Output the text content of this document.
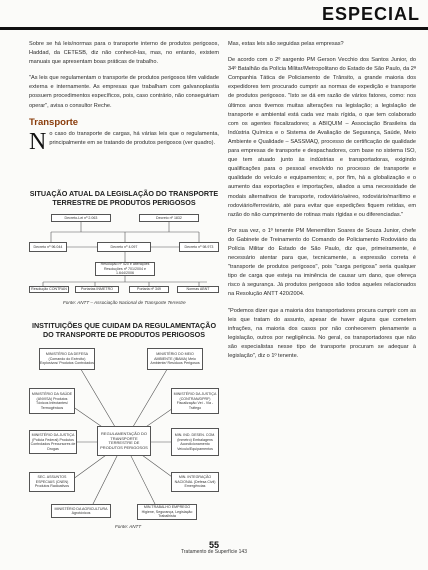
ESPECIAL

Sobre se há leis/normas para o transporte interno de produtos perigosos, Haddad, da CETESB, diz não conhecê-las, mas, no entanto, existem manuais que apresentam boas práticas de trabalho.

"As leis que regulamentam o transporte de produtos perigosos têm validade externa e internamente. As empresas que trabalham com galvanoplastia possuem procedimentos específicos, pois, caso contrário, não conseguiriam operar", avisa o consultor Reche.

Transporte
N o caso do transporte de cargas, há várias leis que o regulamenta, principalmente em se tratando de produtos perigosos (ver quadro).
SITUAÇÃO ATUAL DA LEGISLAÇÃO DO TRANSPORTE TERRESTRE DE PRODUTOS PERIGOSOS
Decreto-Lei nº 2.063	Decreto nº 1832
Decreto nº 96.044	Decreto nº 4.097	Decreto nº 98.973
Resolução nº 420 e alterações Resoluções nº 701/2004 e 1.644/2006
Resolução CONTRAN	Portarias INMETRO	Portaria nº 349	Normas ABNT
Fonte: ANTT – Associação Nacional de Transporte Terrestre
INSTITUIÇÕES QUE CUIDAM DA REGULAMENTAÇÃO DO TRANSPORTE DE PRODUTOS PERIGOSOS
MINISTÉRIO DA DEFESA (Comando do Exército) Explosivos/ Produtos Controlados
MINISTÉRIO DO MEIO AMBIENTE (IBAMA) Meio Ambiente/ Resíduos Perigosos
MINISTÉRIO DA SAÚDE (ANVISA) Produtos Tóxicos Infectantes/ Termogênicos
MINISTÉRIO DA JUSTIÇA (CONTRAN/DPRF) Fiscalização Veí - Via - Tráfego
MINISTÉRIO DA JUSTIÇA (Polícia Federal) Produtos Controlados Precursores de Drogas
REGULAMENTAÇÃO DO TRANSPORTE TERRESTRE DE PRODUTOS PERIGOSOS
MIN. IND. DESEN. COM. (Inmetro) Embalagens Acondicionamento Veículo/Equipamentos
SEC. ASSUNTOS ESPECIAIS (CNEN) Produtos Radioativos
MIN. INTEGRAÇÃO NACIONAL (Defesa Civil) Emergências
MINISTÉRIO DA AGRICULTURA Agrotóxicos
MIN.TRABALHO EMPREGO Higiene, Segurança, Legislação Trabalhista
Fonte: ANTT

Mas, estas leis são seguidas pelas empresas?

De acordo com o 2º sargento PM Gerson Vecchio dos Santos Junior, do 34º Batalhão da Polícia Militar/Metropolitano do Estado de São Paulo, da 2ª Companhia Tática de Policiamento de Trânsito, a grande maioria dos expedidores tem procurado cumprir as normas de expedição e transporte de produtos perigosos. "Isto se dá em razão de vários fatores, como: nos últimos anos tivemos muitas alterações na legislação; a legislação de transporte e ambiental está cada vez mais rígida, o que tem colaborado com os agentes fiscalizadores; a ABIQUIM – Associação Brasileira da Indústria Química e o Sistema de Avaliação de Segurança, Saúde, Meio Ambiente e Qualidade – SASSMAQ, processo de certificação de qualidade para empresas de transporte e despachadores, com base no sistema ISO, que tem atuado junto às indústrias e transportadoras, exigindo qualificações para o pessoal envolvido no processo de transporte e qualidade do veículo e equipamentos; e, por fim, há a globalização e o aumento das exportações e importações, aliados a uma necessidade de modais alternativos de transporte, rodoviário/aéreo, rodoviário/marítimo e rodoviário/ferroviário, até para evitar que expedições fiquem retidas, em razão do não cumprimento de rotinas mais rígidas e ou diferenciadas."

Por sua vez, o 1º tenente PM Menemilton Soares de Souza Junior, chefe do Gabinete de Treinamento do Comando de Policiamento Rodoviário da Polícia Militar do Estado de São Paulo, diz que, primeiramente, é necessário atentar para que, tecnicamente, a expressão correta é "transporte de produtos perigosos", pois "carga perigosa" seria qualquer tipo de carga que esteja na iminência de causar um dano, que ofereça risco à segurança. Já produtos perigosos são todos aqueles relacionados na Resolução ANTT 420/2004.

"Podemos dizer que a maioria dos transportadores procura cumprir com as leis que tratam do assunto, apesar de haver alguns que cometem infrações, na maioria dos casos por não conhecerem plenamente a legislação, outros por negligência. No geral, os transportadores que não são especialistas nesse tipo de transporte procuram se adequar à legislação", diz o 1º tenente.

55
Tratamento de Superfície 143
